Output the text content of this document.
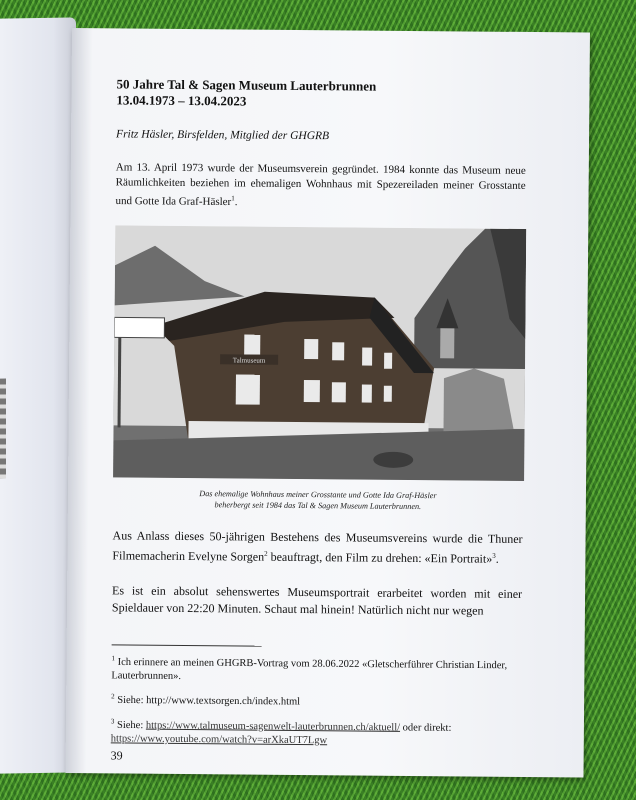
50 Jahre Tal & Sagen Museum Lauterbrunnen
13.04.1973 – 13.04.2023

Fritz Häsler, Birsfelden, Mitglied der GHGRB
Am 13. April 1973 wurde der Museumsverein gegründet. 1984 konnte das Museum neue Räumlichkeiten beziehen im ehemaligen Wohnhaus mit Spezereiladen meiner Grosstante und Gotte Ida Graf-Häsler$^1$.
Talmuseum
Das ehemalige Wohnhaus meiner Grosstante und Gotte Ida Graf-Häsler
beherbergt seit 1984 das Tal & Sagen Museum Lauterbrunnen.
Aus Anlass dieses 50-jährigen Bestehens des Museumsvereins wurde die Thuner Filmemacherin Evelyne Sorgen$^2$ beauftragt, den Film zu drehen: «Ein Portrait»$^3$.
Es ist ein absolut sehenswertes Museumsportrait erarbeitet worden mit einer Spieldauer von 22:20 Minuten. Schaut mal hinein! Natürlich nicht nur wegen
$^1$ Ich erinnere an meinen GHGRB-Vortrag vom 28.06.2022 «Gletscherführer Christian Linder, Lauterbrunnen».
$^2$ Siehe: http://www.textsorgen.ch/index.html
$^3$ Siehe: https://www.talmuseum-sagenwelt-lauterbrunnen.ch/aktuell/ oder direkt:
https://www.youtube.com/watch?v=arXkaUT7Lgw
39
